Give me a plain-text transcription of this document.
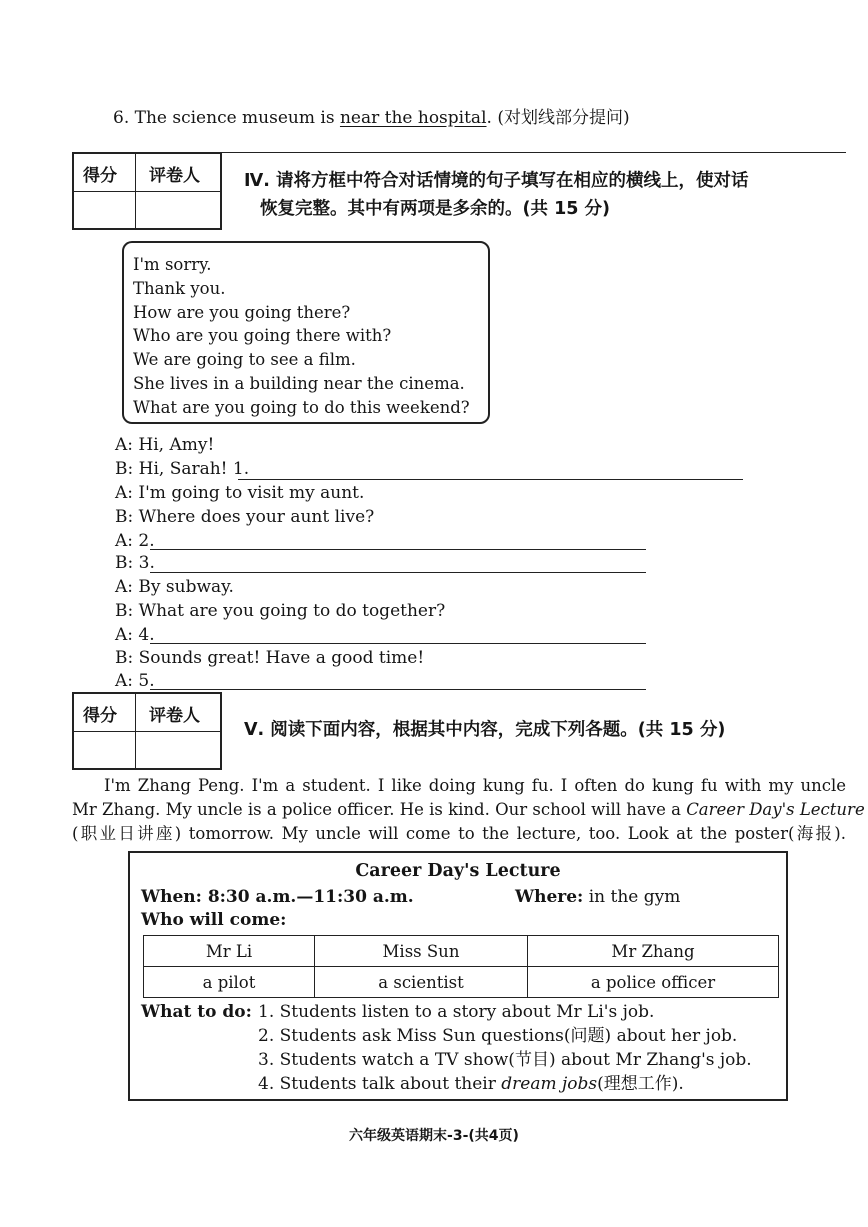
6. The science museum is near the hospital. (对划线部分提问)
得分 评卷人	Ⅳ. 请将方框中符合对话情境的句子填写在相应的横线上，使对话
恢复完整。其中有两项是多余的。(共 15 分)
I'm sorry.
Thank you.
How are you going there?
Who are you going there with?
We are going to see a film.
She lives in a building near the cinema.
What are you going to do this weekend?
A: Hi, Amy!
B: Hi, Sarah! 1.
A: I'm going to visit my aunt.
B: Where does your aunt live?
A: 2.
B: 3.
A: By subway.
B: What are you going to do together?
A: 4.
B: Sounds great! Have a good time!
A: 5.
得分 评卷人
Ⅴ. 阅读下面内容，根据其中内容，完成下列各题。(共 15 分)
I'm Zhang Peng. I'm a student. I like doing kung fu. I often do kung fu with my uncle
Mr Zhang. My uncle is a police officer. He is kind. Our school will have a Career Day's Lecture
(职业日讲座) tomorrow. My uncle will come to the lecture, too. Look at the poster(海报).
Career Day's Lecture
When: 8:30 a.m.—11:30 a.m.	Where: in the gym
Who will come:
Mr Li	Miss Sun	Mr Zhang
a pilot	a scientist	a police officer
What to do: 1. Students listen to a story about Mr Li's job.
2. Students ask Miss Sun questions(问题) about her job.
3. Students watch a TV show(节目) about Mr Zhang's job.
4. Students talk about their dream jobs(理想工作).
六年级英语期末-3-(共4页)
